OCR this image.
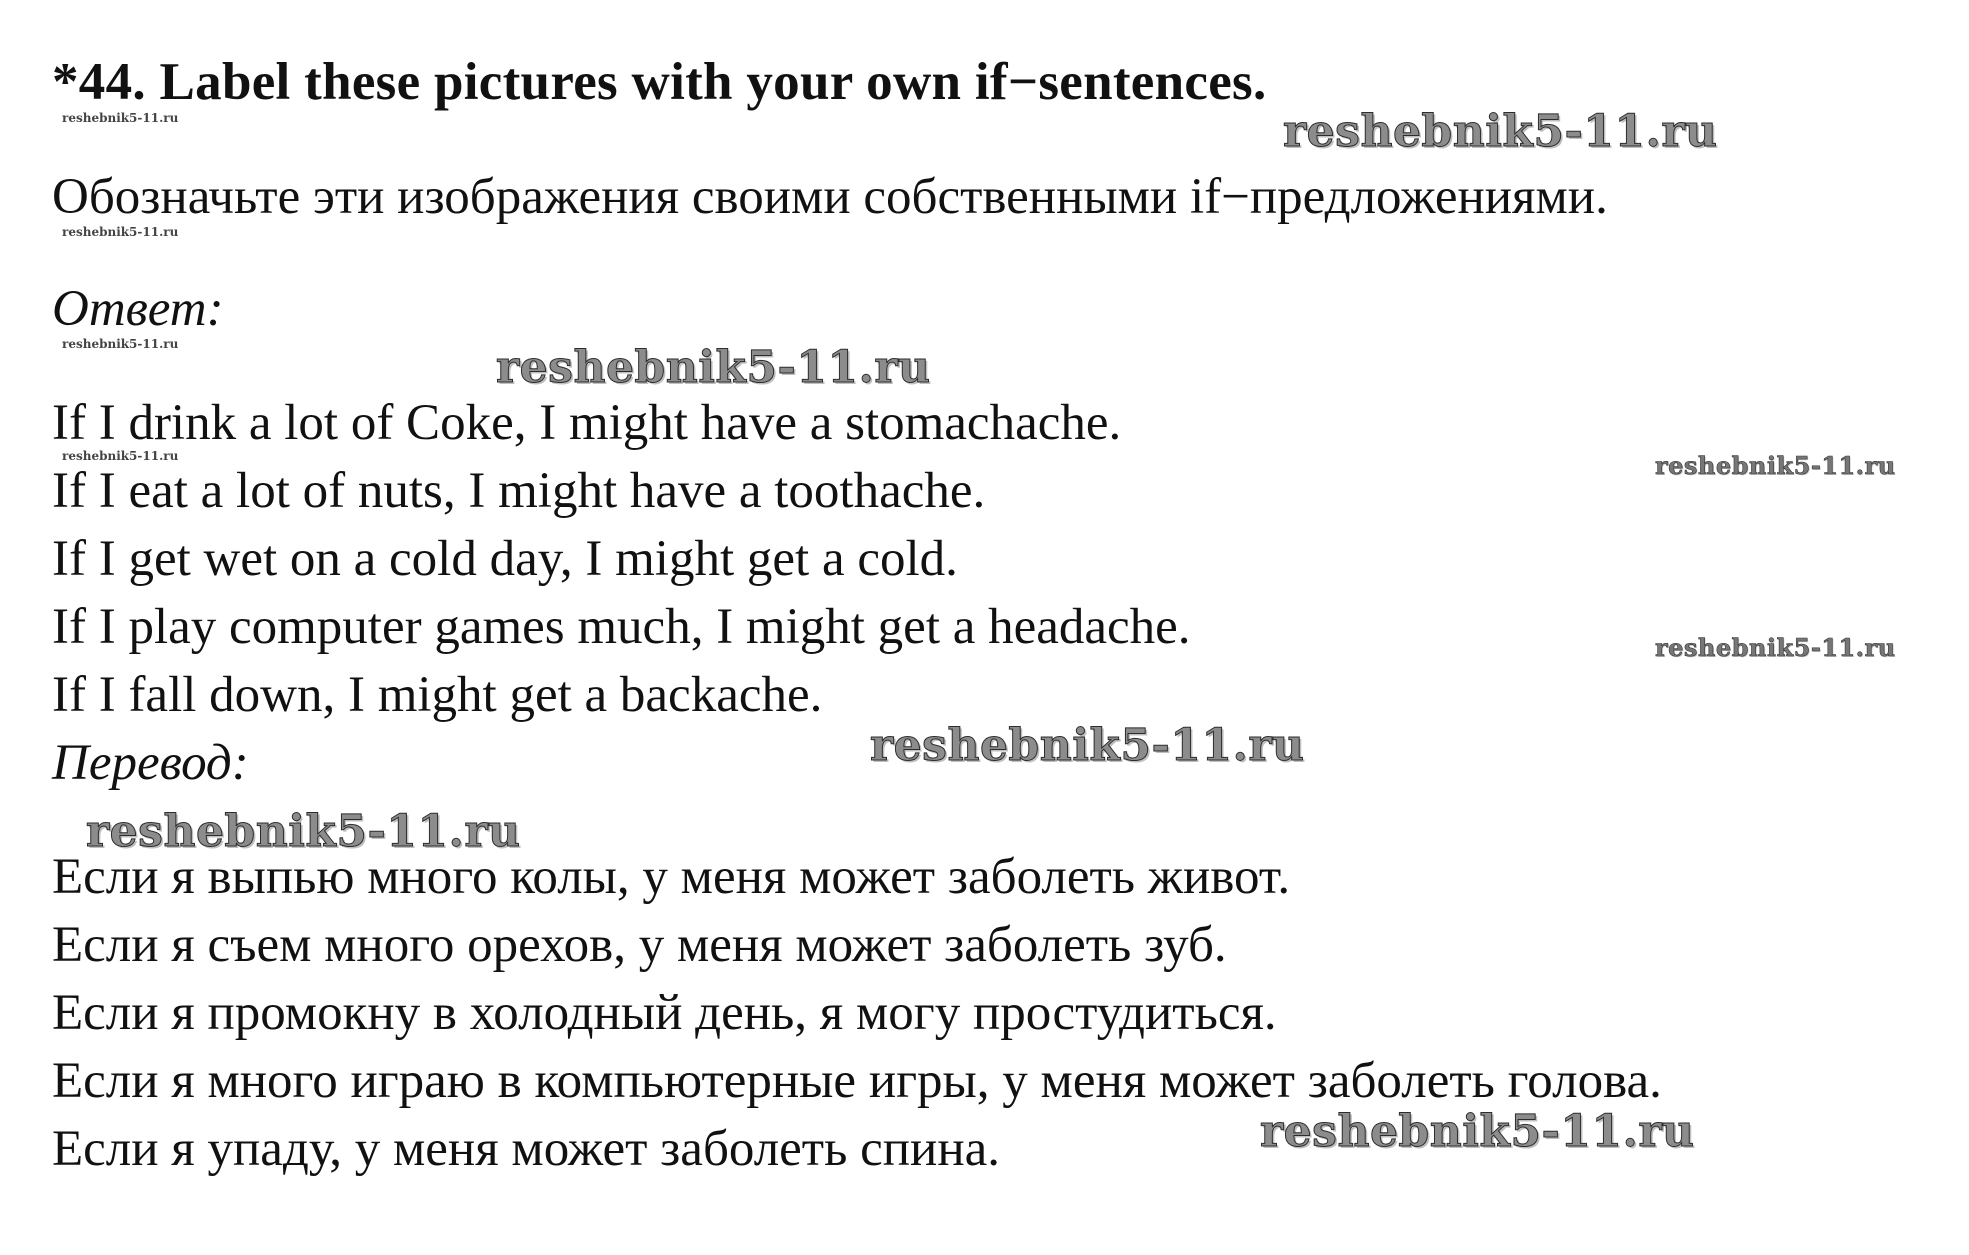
*44. Label these pictures with your own if−sentences.
Обозначьте эти изображения своими собственными if−предложениями.
Ответ:
If I drink a lot of Coke, I might have a stomachache.
If I eat a lot of nuts, I might have a toothache.
If I get wet on a cold day, I might get a cold.
If I play computer games much, I might get a headache.
If I fall down, I might get a backache.
Перевод:
Если я выпью много колы, у меня может заболеть живот.
Если я съем много орехов, у меня может заболеть зуб.
Если я промокну в холодный день, я могу простудиться.
Если я много играю в компьютерные игры, у меня может заболеть голова.
Если я упаду, у меня может заболеть спина.
reshebnik5-11.ru
reshebnik5-11.ru
reshebnik5-11.ru
reshebnik5-11.ru
reshebnik5-11.ru
reshebnik5-11.ru
reshebnik5-11.ru
reshebnik5-11.ru
reshebnik5-11.ru
reshebnik5-11.ru
reshebnik5-11.ru
